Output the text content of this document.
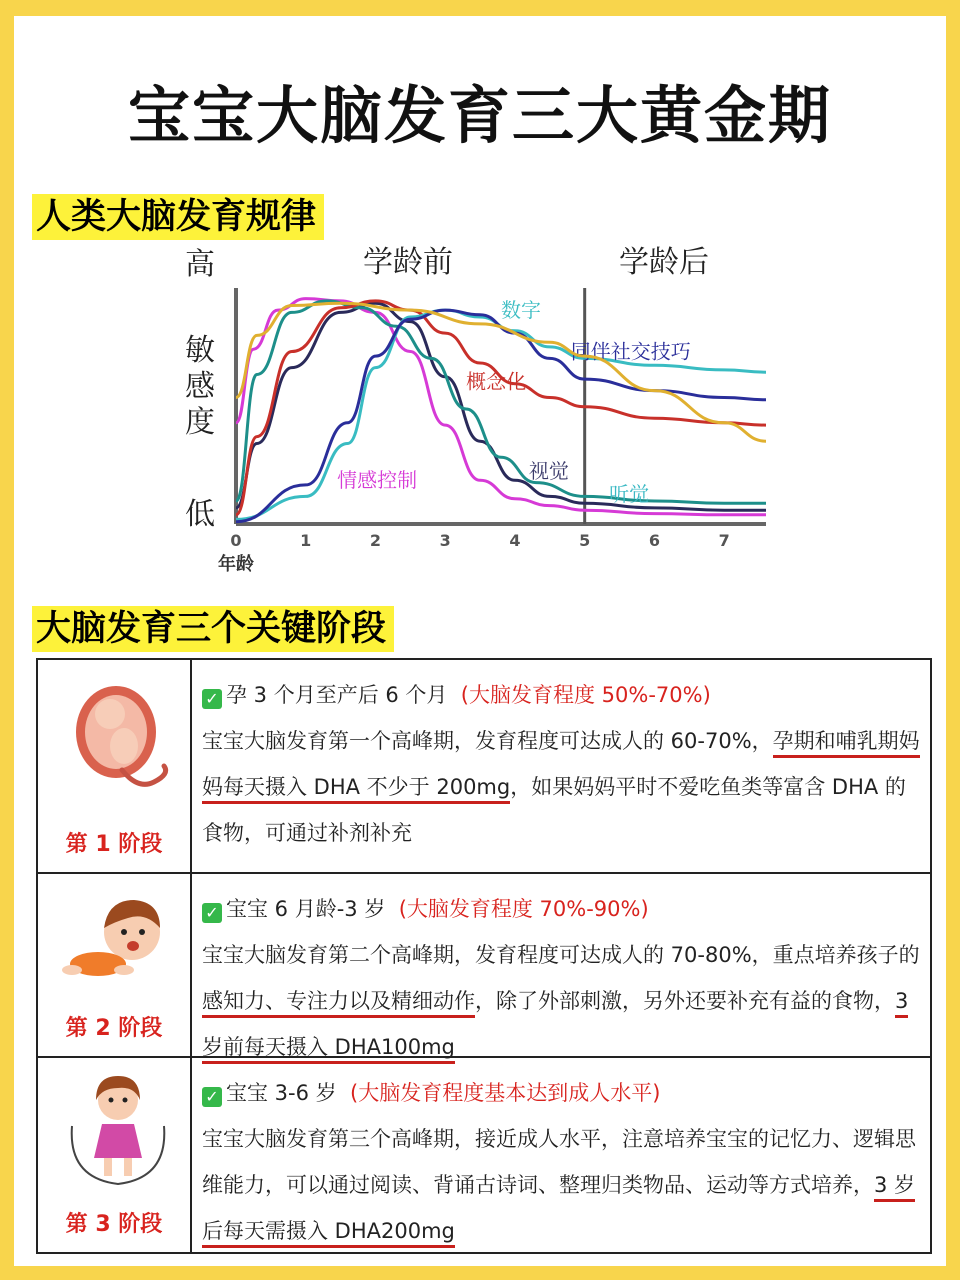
宝宝大脑发育三大黄金期
人类大脑发育规律
情感控制	视觉
听觉
概念化
数字
同伴社交技巧
0	1	2	3	4	5	6	7
年龄
高
低
敏
感
度
学龄前	学龄后
大脑发育三个关键阶段
第 1 阶段
✓ 孕 3 个月至产后 6 个月 (大脑发育程度 50%-70%)
宝宝大脑发育第一个高峰期，发育程度可达成人的 60-70%，孕期和哺乳期妈妈每天摄入 DHA 不少于 200mg，如果妈妈平时不爱吃鱼类等富含 DHA 的食物，可通过补剂补充
第 2 阶段
✓ 宝宝 6 月龄-3 岁 (大脑发育程度 70%-90%)
宝宝大脑发育第二个高峰期，发育程度可达成人的 70-80%，重点培养孩子的感知力、专注力以及精细动作，除了外部刺激，另外还要补充有益的食物，3 岁前每天摄入 DHA100mg
第 3 阶段
✓ 宝宝 3-6 岁 (大脑发育程度基本达到成人水平)
宝宝大脑发育第三个高峰期，接近成人水平，注意培养宝宝的记忆力、逻辑思维能力，可以通过阅读、背诵古诗词、整理归类物品、运动等方式培养，3 岁后每天需摄入 DHA200mg
